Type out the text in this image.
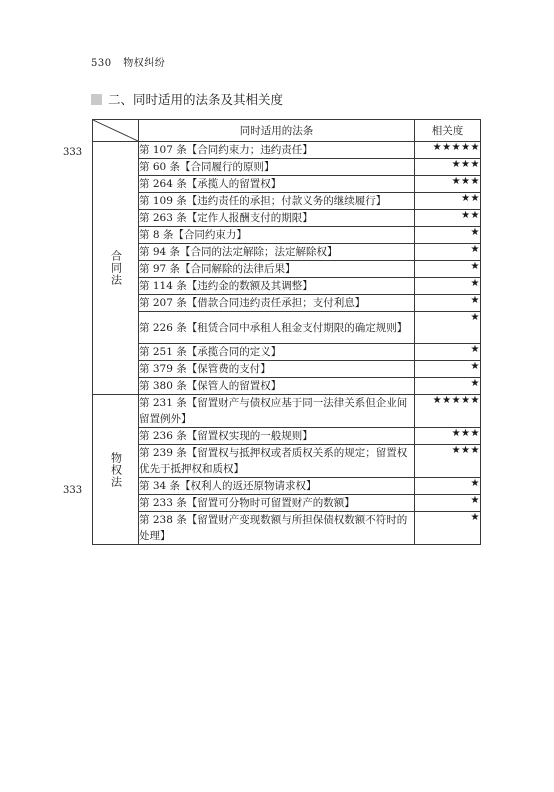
530 物权纠纷
二、同时适用的法条及其相关度
333
333
	同时适用的法条	相关度

合同法	第 107 条【合同约束力；违约责任】	★★★★★
	第 60 条【合同履行的原则】	★★★
	第 264 条【承揽人的留置权】	★★★
	第 109 条【违约责任的承担；付款义务的继续履行】	★★
	第 263 条【定作人报酬支付的期限】	★★
	第 8 条【合同约束力】	★
	第 94 条【合同的法定解除；法定解除权】	★
	第 97 条【合同解除的法律后果】	★
	第 114 条【违约金的数额及其调整】	★
	第 207 条【借款合同违约责任承担；支付利息】	★
	第 226 条【租赁合同中承租人租金支付期限的确定规则】	★
	第 251 条【承揽合同的定义】	★
	第 379 条【保管费的支付】	★
	第 380 条【保管人的留置权】	★

物权法	第 231 条【留置财产与债权应基于同一法律关系但企业间留置例外】	★★★★★
	第 236 条【留置权实现的一般规则】	★★★
	第 239 条【留置权与抵押权或者质权关系的规定；留置权优先于抵押权和质权】	★★★
	第 34 条【权利人的返还原物请求权】	★
	第 233 条【留置可分物时可留置财产的数额】	★
	第 238 条【留置财产变现数额与所担保债权数额不符时的处理】	★
